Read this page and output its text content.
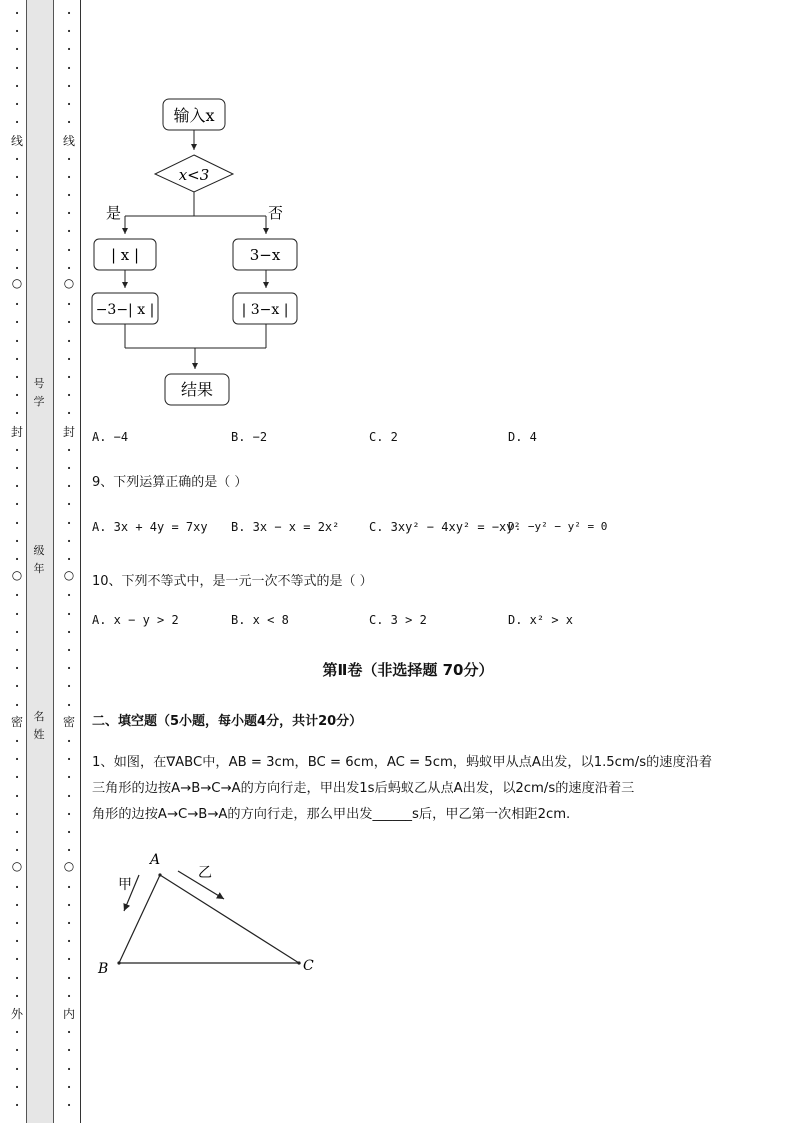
·
·
·
·
·
·
·
·
·
·
·
·
·
·
·
·
·
·
·
·
·
·
·
·
·
·
·
·
·
·
·
·
·
·
·
·
·
·
·
·
·
·
·
·
·
·
·
·
·
·
·
·
·
·
·
·
·
·
·
·
·
·
·
·
·
·
·
·
·
·
·
·
·
·
·
·
·
·
·
·
·
·
·
·
·
·
·
·
·
·
·
·
·
·
·
·
·
·
·
·
·
·
·
·
·
·
·
·
线
○
封
○
密
○
外
线
○
封
○
密
○
内
号
学
级
年
名
姓
输入x
x<3
是	否
| x |	3−x
−3−| x |	| 3−x |
结果
A. −4	B. −2	C. 2	D. 4
9、下列运算正确的是（ ）
A. 3x + 4y = 7xy B. 3x − x = 2x² C. 3xy² − 4xy² = −xy²
D. −y² − y² = 0
10、下列不等式中，是一元一次不等式的是（ ）
A. x − y > 2	B. x < 8	C. 3 > 2	D. x² > x
第Ⅱ卷（非选择题 70分）
二、填空题（5小题，每小题4分，共计20分）
1、如图，在∇ABC中，AB = 3cm，BC = 6cm，AC = 5cm，蚂蚁甲从点A出发，以1.5cm/s的速度沿着
三角形的边按A→B→C→A的方向行走，甲出发1s后蚂蚁乙从点A出发，以2cm/s的速度沿着三
角形的边按A→C→B→A的方向行走，那么甲出发______s后，甲乙第一次相距2cm.
A
B	C
甲
乙
